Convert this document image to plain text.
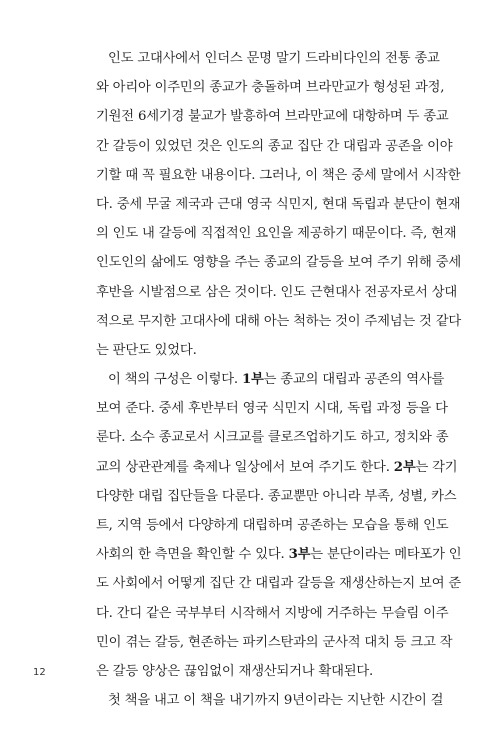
인도 고대사에서 인더스 문명 말기 드라비다인의 전통 종교
와 아리아 이주민의 종교가 충돌하며 브라만교가 형성된 과정,
기원전 6세기경 불교가 발흥하여 브라만교에 대항하며 두 종교
간 갈등이 있었던 것은 인도의 종교 집단 간 대립과 공존을 이야
기할 때 꼭 필요한 내용이다. 그러나, 이 책은 중세 말에서 시작한
다. 중세 무굴 제국과 근대 영국 식민지, 현대 독립과 분단이 현재
의 인도 내 갈등에 직접적인 요인을 제공하기 때문이다. 즉, 현재
인도인의 삶에도 영향을 주는 종교의 갈등을 보여 주기 위해 중세
후반을 시발점으로 삼은 것이다. 인도 근현대사 전공자로서 상대
적으로 무지한 고대사에 대해 아는 척하는 것이 주제넘는 것 같다
는 판단도 있었다.
이 책의 구성은 이렇다. 1부는 종교의 대립과 공존의 역사를
보여 준다. 중세 후반부터 영국 식민지 시대, 독립 과정 등을 다
룬다. 소수 종교로서 시크교를 클로즈업하기도 하고, 정치와 종
교의 상관관계를 축제나 일상에서 보여 주기도 한다. 2부는 각기
다양한 대립 집단들을 다룬다. 종교뿐만 아니라 부족, 성별, 카스
트, 지역 등에서 다양하게 대립하며 공존하는 모습을 통해 인도
사회의 한 측면을 확인할 수 있다. 3부는 분단이라는 메타포가 인
도 사회에서 어떻게 집단 간 대립과 갈등을 재생산하는지 보여 준
다. 간디 같은 국부부터 시작해서 지방에 거주하는 무슬림 이주
민이 겪는 갈등, 현존하는 파키스탄과의 군사적 대치 등 크고 작
은 갈등 양상은 끊임없이 재생산되거나 확대된다.
첫 책을 내고 이 책을 내기까지 9년이라는 지난한 시간이 걸
12
